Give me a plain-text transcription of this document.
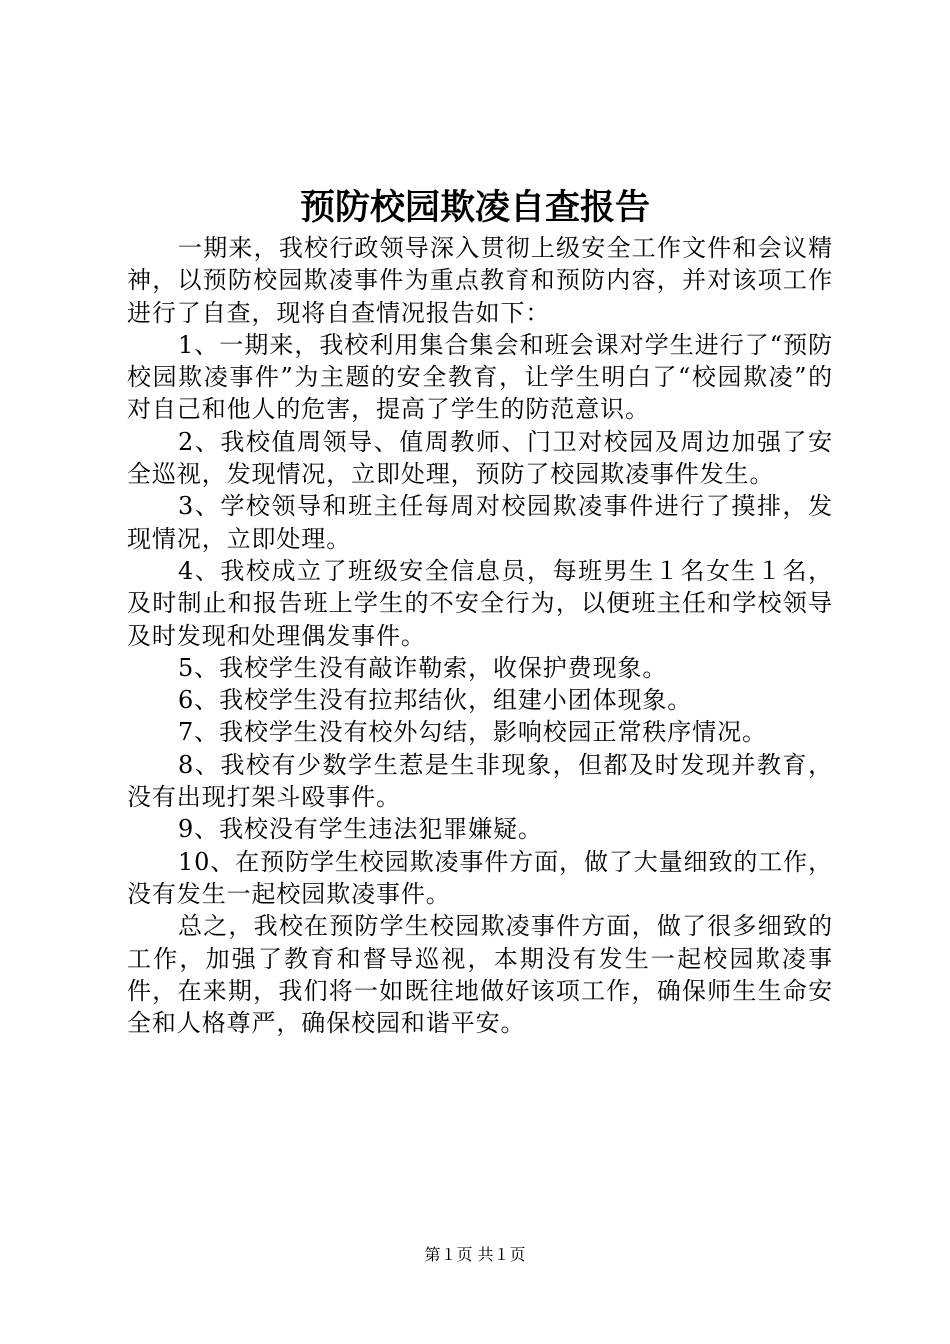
预防校园欺凌自查报告

一期来，我校行政领导深入贯彻上级安全工作文件和会议精神，以预防校园欺凌事件为重点教育和预防内容，并对该项工作进行了自查，现将自查情况报告如下：

1、一期来，我校利用集合集会和班会课对学生进行了“预防校园欺凌事件”为主题的安全教育，让学生明白了“校园欺凌”的对自己和他人的危害，提高了学生的防范意识。

2、我校值周领导、值周教师、门卫对校园及周边加强了安全巡视，发现情况，立即处理，预防了校园欺凌事件发生。

3、学校领导和班主任每周对校园欺凌事件进行了摸排，发现情况，立即处理。

4、我校成立了班级安全信息员，每班男生１名女生１名，及时制止和报告班上学生的不安全行为，以便班主任和学校领导及时发现和处理偶发事件。

5、我校学生没有敲诈勒索，收保护费现象。

6、我校学生没有拉邦结伙，组建小团体现象。

7、我校学生没有校外勾结，影响校园正常秩序情况。

8、我校有少数学生惹是生非现象，但都及时发现并教育，没有出现打架斗殴事件。

9、我校没有学生违法犯罪嫌疑。

10、在预防学生校园欺凌事件方面，做了大量细致的工作，没有发生一起校园欺凌事件。

总之，我校在预防学生校园欺凌事件方面，做了很多细致的工作，加强了教育和督导巡视，本期没有发生一起校园欺凌事件，在来期，我们将一如既往地做好该项工作，确保师生生命安全和人格尊严，确保校园和谐平安。

第１页 共１页
